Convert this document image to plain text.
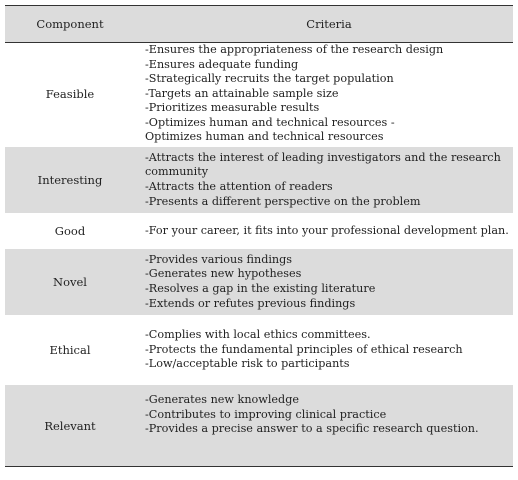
Component	Criteria
Feasible
-Ensures the appropriateness of the research design
-Ensures adequate funding
-Strategically recruits the target population
-Targets an attainable sample size
-Prioritizes measurable results
-Optimizes human and technical resources -Optimizes human and technical resources
Interesting
-Attracts the interest of leading investigators and the research community
-Attracts the attention of readers
-Presents a different perspective on the problem
Good	-For your career, it fits into your professional development plan.
Novel
-Provides various findings
-Generates new hypotheses
-Resolves a gap in the existing literature
-Extends or refutes previous findings
Ethical
-Complies with local ethics committees.
-Protects the fundamental principles of ethical research
-Low/acceptable risk to participants
Relevant
-Generates new knowledge
-Contributes to improving clinical practice
-Provides a precise answer to a specific research question.
